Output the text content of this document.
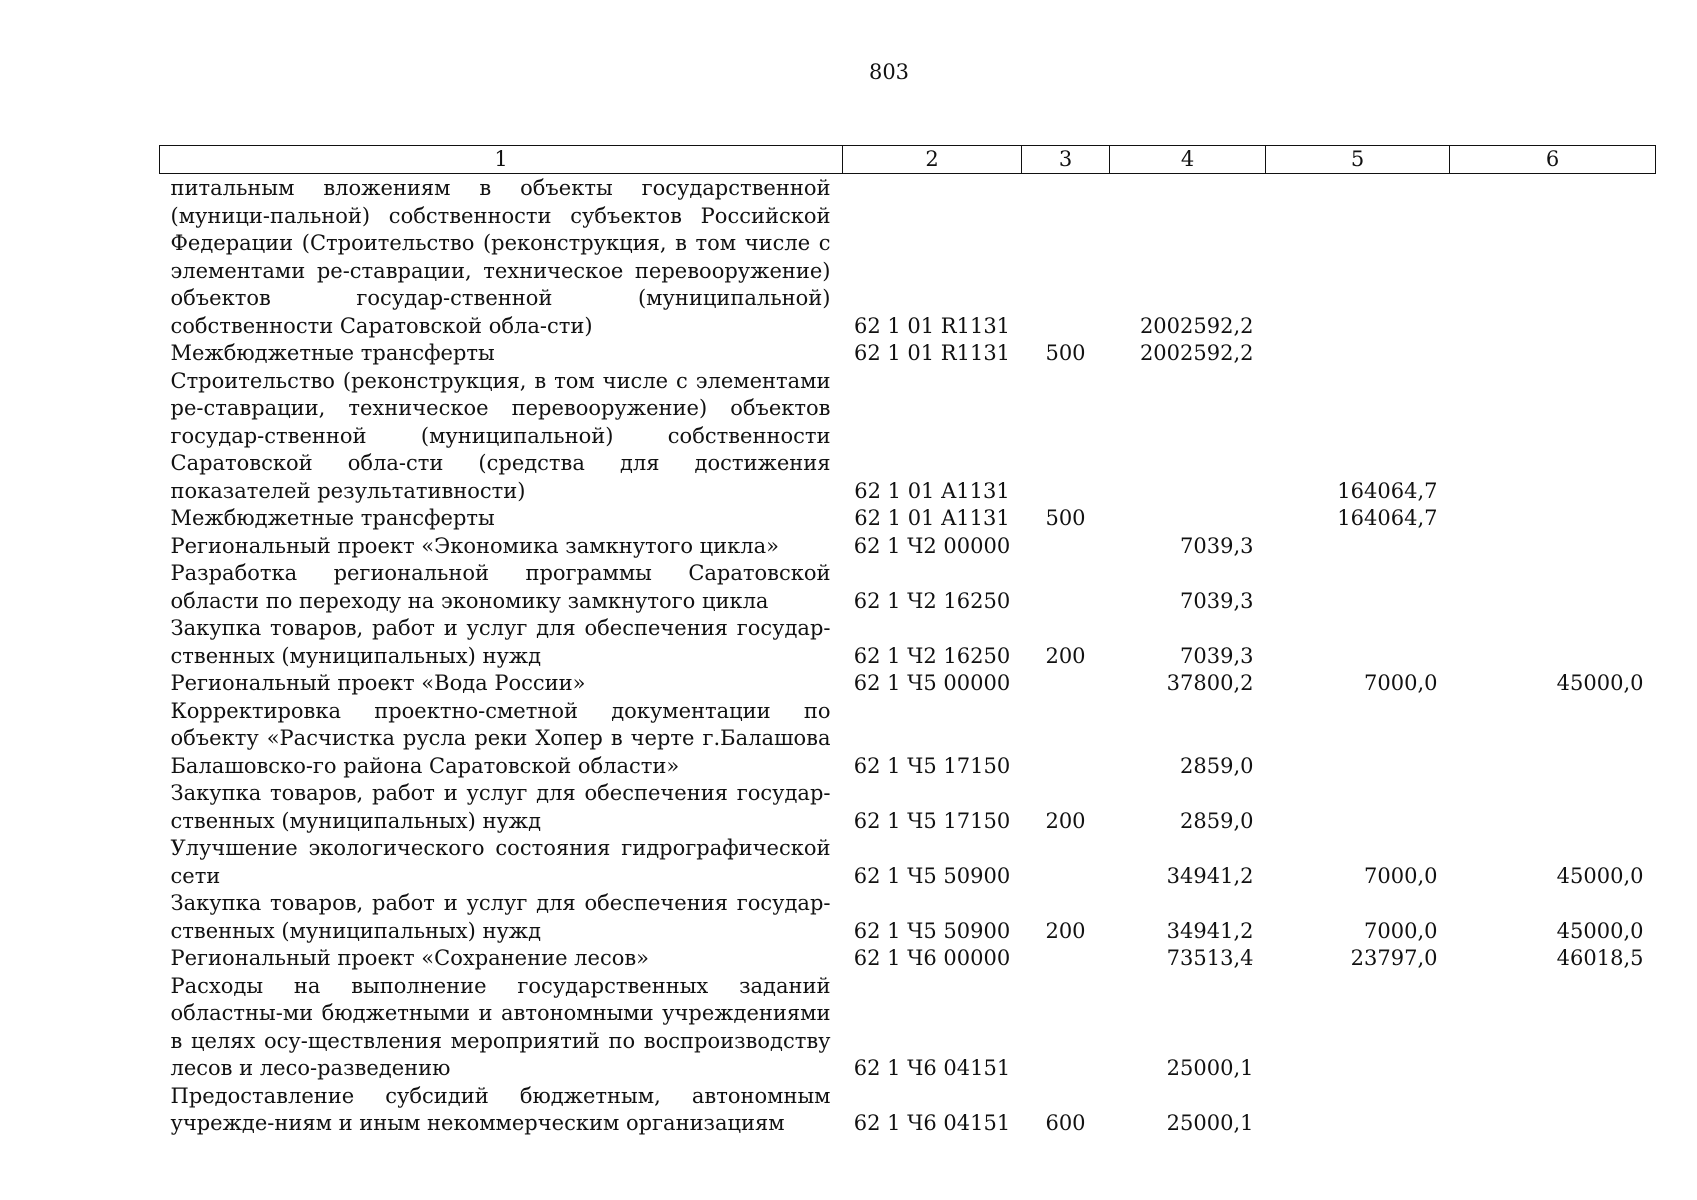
803
1	2	3	4	5	6
питальным вложениям в объекты государственной (муници-пальной) собственности субъектов Российской Федерации (Строительство (реконструкция, в том числе с элементами ре-ставрации, техническое перевооружение) объектов государ-ственной (муниципальной) собственности Саратовской обла-сти)	62 1 01 R1131		2002592,2		
Межбюджетные трансферты	62 1 01 R1131	500	2002592,2		
Строительство (реконструкция, в том числе с элементами ре-ставрации, техническое перевооружение) объектов государ-ственной (муниципальной) собственности Саратовской обла-сти (средства для достижения показателей результативности)	62 1 01 A1131			164064,7	
Межбюджетные трансферты	62 1 01 A1131	500		164064,7	
Региональный проект «Экономика замкнутого цикла»	62 1 Ч2 00000		7039,3		
Разработка региональной программы Саратовской области по переходу на экономику замкнутого цикла	62 1 Ч2 16250		7039,3		
Закупка товаров, работ и услуг для обеспечения государ-ственных (муниципальных) нужд	62 1 Ч2 16250	200	7039,3		
Региональный проект «Вода России»	62 1 Ч5 00000		37800,2	7000,0	45000,0
Корректировка проектно-сметной документации по объекту «Расчистка русла реки Хопер в черте г.Балашова Балашовско-го района Саратовской области»	62 1 Ч5 17150		2859,0		
Закупка товаров, работ и услуг для обеспечения государ-ственных (муниципальных) нужд	62 1 Ч5 17150	200	2859,0		
Улучшение экологического состояния гидрографической сети	62 1 Ч5 50900		34941,2	7000,0	45000,0
Закупка товаров, работ и услуг для обеспечения государ-ственных (муниципальных) нужд	62 1 Ч5 50900	200	34941,2	7000,0	45000,0
Региональный проект «Сохранение лесов»	62 1 Ч6 00000		73513,4	23797,0	46018,5
Расходы на выполнение государственных заданий областны-ми бюджетными и автономными учреждениями в целях осу-ществления мероприятий по воспроизводству лесов и лесо-разведению	62 1 Ч6 04151		25000,1		
Предоставление субсидий бюджетным, автономным учрежде-ниям и иным некоммерческим организациям	62 1 Ч6 04151	600	25000,1		
